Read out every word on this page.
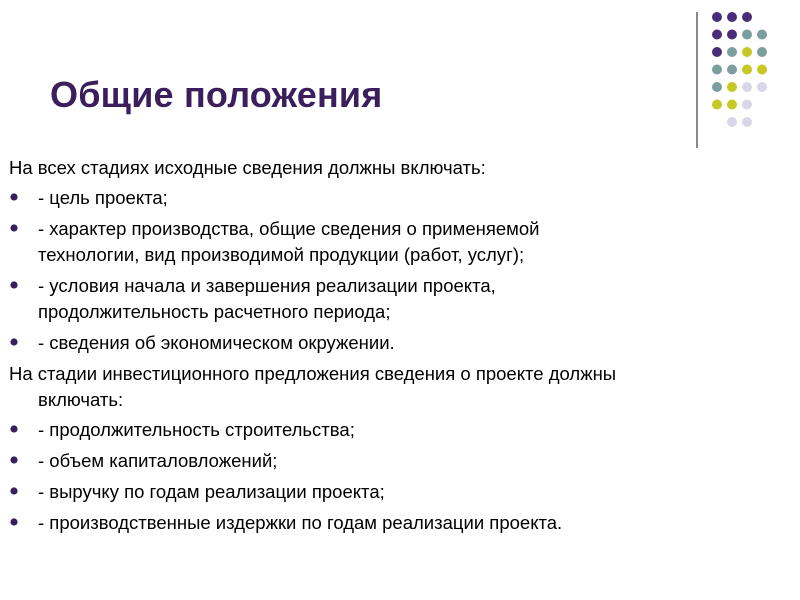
Общие положения
На всех стадиях исходные сведения должны включать:
- цель проекта;
- характер производства, общие сведения о применяемой
технологии, вид производимой продукции (работ, услуг);
- условия начала и завершения реализации проекта,
продолжительность расчетного периода;
- сведения об экономическом окружении.
На стадии инвестиционного предложения сведения о проекте должны
включать:
- продолжительность строительства;
- объем капиталовложений;
- выручку по годам реализации проекта;
- производственные издержки по годам реализации проекта.
